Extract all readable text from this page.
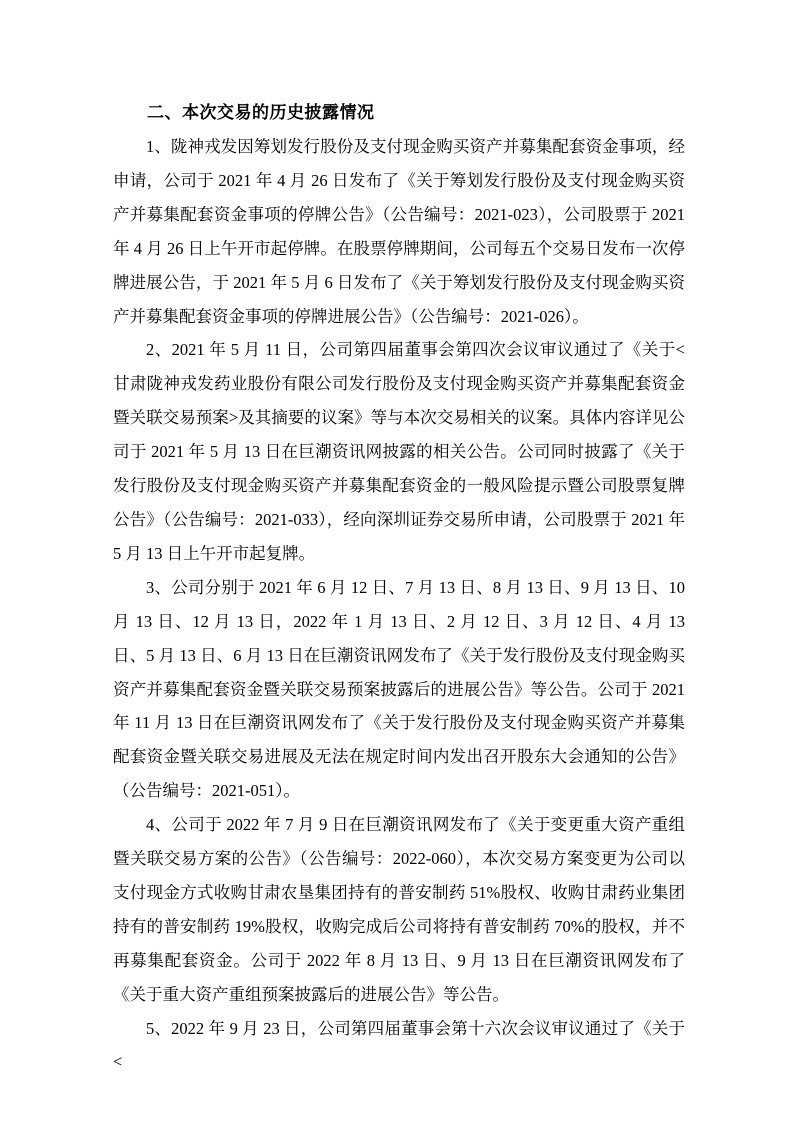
二、本次交易的历史披露情况

1、陇神戎发因筹划发行股份及支付现金购买资产并募集配套资金事项，经申请，公司于 2021 年 4 月 26 日发布了《关于筹划发行股份及支付现金购买资产并募集配套资金事项的停牌公告》（公告编号：2021-023），公司股票于 2021 年 4 月 26 日上午开市起停牌。在股票停牌期间，公司每五个交易日发布一次停牌进展公告，于 2021 年 5 月 6 日发布了《关于筹划发行股份及支付现金购买资产并募集配套资金事项的停牌进展公告》（公告编号：2021-026）。

2、2021 年 5 月 11 日，公司第四届董事会第四次会议审议通过了《关于<甘肃陇神戎发药业股份有限公司发行股份及支付现金购买资产并募集配套资金暨关联交易预案>及其摘要的议案》等与本次交易相关的议案。具体内容详见公司于 2021 年 5 月 13 日在巨潮资讯网披露的相关公告。公司同时披露了《关于发行股份及支付现金购买资产并募集配套资金的一般风险提示暨公司股票复牌公告》（公告编号：2021-033），经向深圳证券交易所申请，公司股票于 2021 年 5 月 13 日上午开市起复牌。

3、公司分别于 2021 年 6 月 12 日、7 月 13 日、8 月 13 日、9 月 13 日、10 月 13 日、12 月 13 日，2022 年 1 月 13 日、2 月 12 日、3 月 12 日、4 月 13 日、5 月 13 日、6 月 13 日在巨潮资讯网发布了《关于发行股份及支付现金购买资产并募集配套资金暨关联交易预案披露后的进展公告》等公告。公司于 2021 年 11 月 13 日在巨潮资讯网发布了《关于发行股份及支付现金购买资产并募集配套资金暨关联交易进展及无法在规定时间内发出召开股东大会通知的公告》（公告编号：2021-051）。

4、公司于 2022 年 7 月 9 日在巨潮资讯网发布了《关于变更重大资产重组暨关联交易方案的公告》（公告编号：2022-060），本次交易方案变更为公司以支付现金方式收购甘肃农垦集团持有的普安制药 51%股权、收购甘肃药业集团持有的普安制药 19%股权，收购完成后公司将持有普安制药 70%的股权，并不再募集配套资金。公司于 2022 年 8 月 13 日、9 月 13 日在巨潮资讯网发布了《关于重大资产重组预案披露后的进展公告》等公告。

5、2022 年 9 月 23 日，公司第四届董事会第十六次会议审议通过了《关于<
